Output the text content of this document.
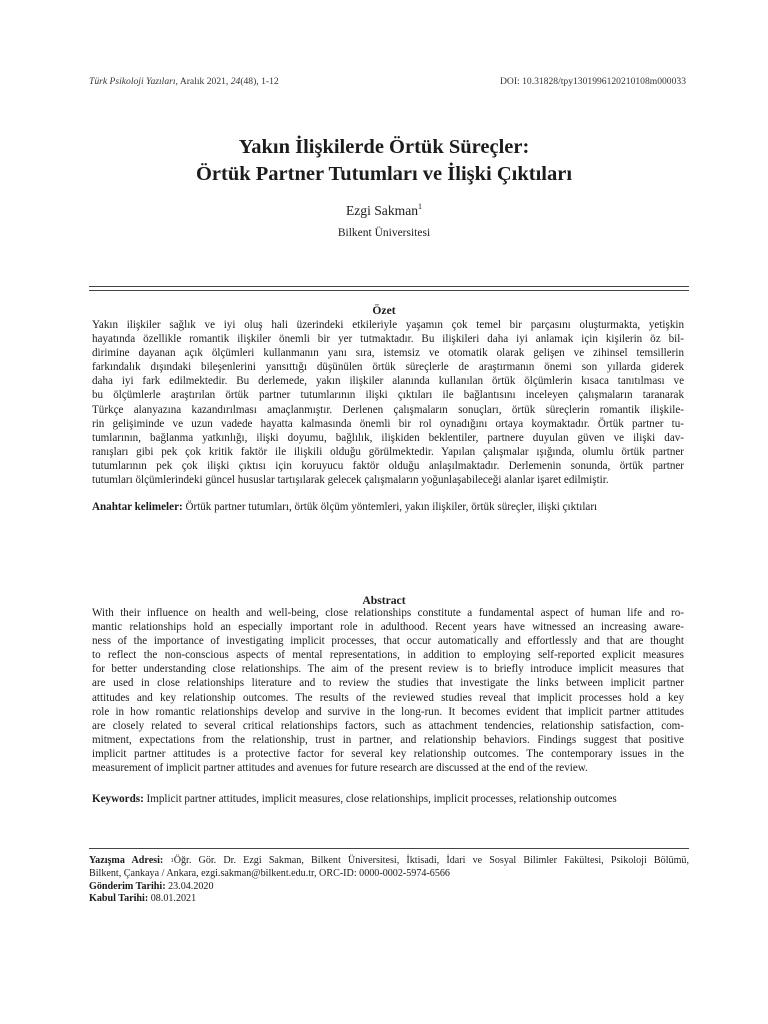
Türk Psikoloji Yazıları, Aralık 2021, 24(48), 1-12	DOI: 10.31828/tpy1301996120210108m000033
Yakın İlişkilerde Örtük Süreçler:
Örtük Partner Tutumları ve İlişki Çıktıları
Ezgi Sakman$^1$
Bilkent Üniversitesi
Özet
Yakın ilişkiler sağlık ve iyi oluş hali üzerindeki etkileriyle yaşamın çok temel bir parçasını oluşturmakta, yetişkin
hayatında özellikle romantik ilişkiler önemli bir yer tutmaktadır. Bu ilişkileri daha iyi anlamak için kişilerin öz bil-
dirimine dayanan açık ölçümleri kullanmanın yanı sıra, istemsiz ve otomatik olarak gelişen ve zihinsel temsillerin
farkındalık dışındaki bileşenlerini yansıttığı düşünülen örtük süreçlerle de araştırmanın önemi son yıllarda giderek
daha iyi fark edilmektedir. Bu derlemede, yakın ilişkiler alanında kullanılan örtük ölçümlerin kısaca tanıtılması ve
bu ölçümlerle araştırılan örtük partner tutumlarının ilişki çıktıları ile bağlantısını inceleyen çalışmaların taranarak
Türkçe alanyazına kazandırılması amaçlanmıştır. Derlenen çalışmaların sonuçları, örtük süreçlerin romantik ilişkile-
rin gelişiminde ve uzun vadede hayatta kalmasında önemli bir rol oynadığını ortaya koymaktadır. Örtük partner tu-
tumlarının, bağlanma yatkınlığı, ilişki doyumu, bağlılık, ilişkiden beklentiler, partnere duyulan güven ve ilişki dav-
ranışları gibi pek çok kritik faktör ile ilişkili olduğu görülmektedir. Yapılan çalışmalar ışığında, olumlu örtük partner
tutumlarının pek çok ilişki çıktısı için koruyucu faktör olduğu anlaşılmaktadır. Derlemenin sonunda, örtük partner
tutumları ölçümlerindeki güncel hususlar tartışılarak gelecek çalışmaların yoğunlaşabileceği alanlar işaret edilmiştir.
Anahtar kelimeler: Örtük partner tutumları, örtük ölçüm yöntemleri, yakın ilişkiler, örtük süreçler, ilişki çıktıları
Abstract
With their influence on health and well-being, close relationships constitute a fundamental aspect of human life and ro-
mantic relationships hold an especially important role in adulthood. Recent years have witnessed an increasing aware-
ness of the importance of investigating implicit processes, that occur automatically and effortlessly and that are thought
to reflect the non-conscious aspects of mental representations, in addition to employing self-reported explicit measures
for better understanding close relationships. The aim of the present review is to briefly introduce implicit measures that
are used in close relationships literature and to review the studies that investigate the links between implicit partner
attitudes and key relationship outcomes. The results of the reviewed studies reveal that implicit processes hold a key
role in how romantic relationships develop and survive in the long-run. It becomes evident that implicit partner attitudes
are closely related to several critical relationships factors, such as attachment tendencies, relationship satisfaction, com-
mitment, expectations from the relationship, trust in partner, and relationship behaviors. Findings suggest that positive
implicit partner attitudes is a protective factor for several key relationship outcomes. The contemporary issues in the
measurement of implicit partner attitudes and avenues for future research are discussed at the end of the review.
Keywords: Implicit partner attitudes, implicit measures, close relationships, implicit processes, relationship outcomes
Yazışma Adresi: $^1$Öğr. Gör. Dr. Ezgi Sakman, Bilkent Üniversitesi, İktisadi, İdari ve Sosyal Bilimler Fakültesi, Psikoloji Bölümü,
Bilkent, Çankaya / Ankara, ezgi.sakman@bilkent.edu.tr, ORC-ID: 0000-0002-5974-6566
Gönderim Tarihi: 23.04.2020
Kabul Tarihi: 08.01.2021
